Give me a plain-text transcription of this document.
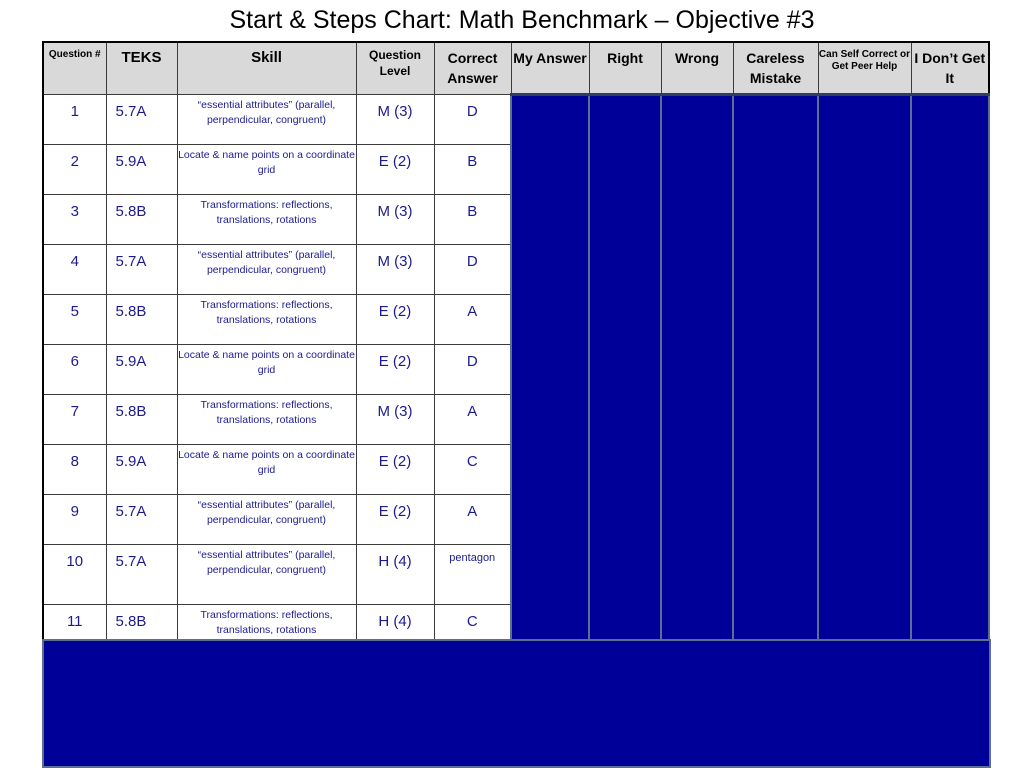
Start & Steps Chart: Math Benchmark – Objective #3
Question #	TEKS	Skill	Question Level	Correct Answer	My Answer	Right	Wrong	Careless Mistake	Can Self Correct or Get Peer Help	I Don’t Get It
1	5.7A	“essential attributes” (parallel, perpendicular, congruent)	M (3)	D						
2	5.9A	Locate & name points on a coordinate grid	E (2)	B						
3	5.8B	Transformations: reflections, translations, rotations	M (3)	B						
4	5.7A	“essential attributes” (parallel, perpendicular, congruent)	M (3)	D						
5	5.8B	Transformations: reflections, translations, rotations	E (2)	A						
6	5.9A	Locate & name points on a coordinate grid	E (2)	D						
7	5.8B	Transformations: reflections, translations, rotations	M (3)	A						
8	5.9A	Locate & name points on a coordinate grid	E (2)	C						
9	5.7A	“essential attributes” (parallel, perpendicular, congruent)	E (2)	A						
10	5.7A	“essential attributes” (parallel, perpendicular, congruent)	H (4)	pentagon						
11	5.8B	Transformations: reflections, translations, rotations	H (4)	C						
